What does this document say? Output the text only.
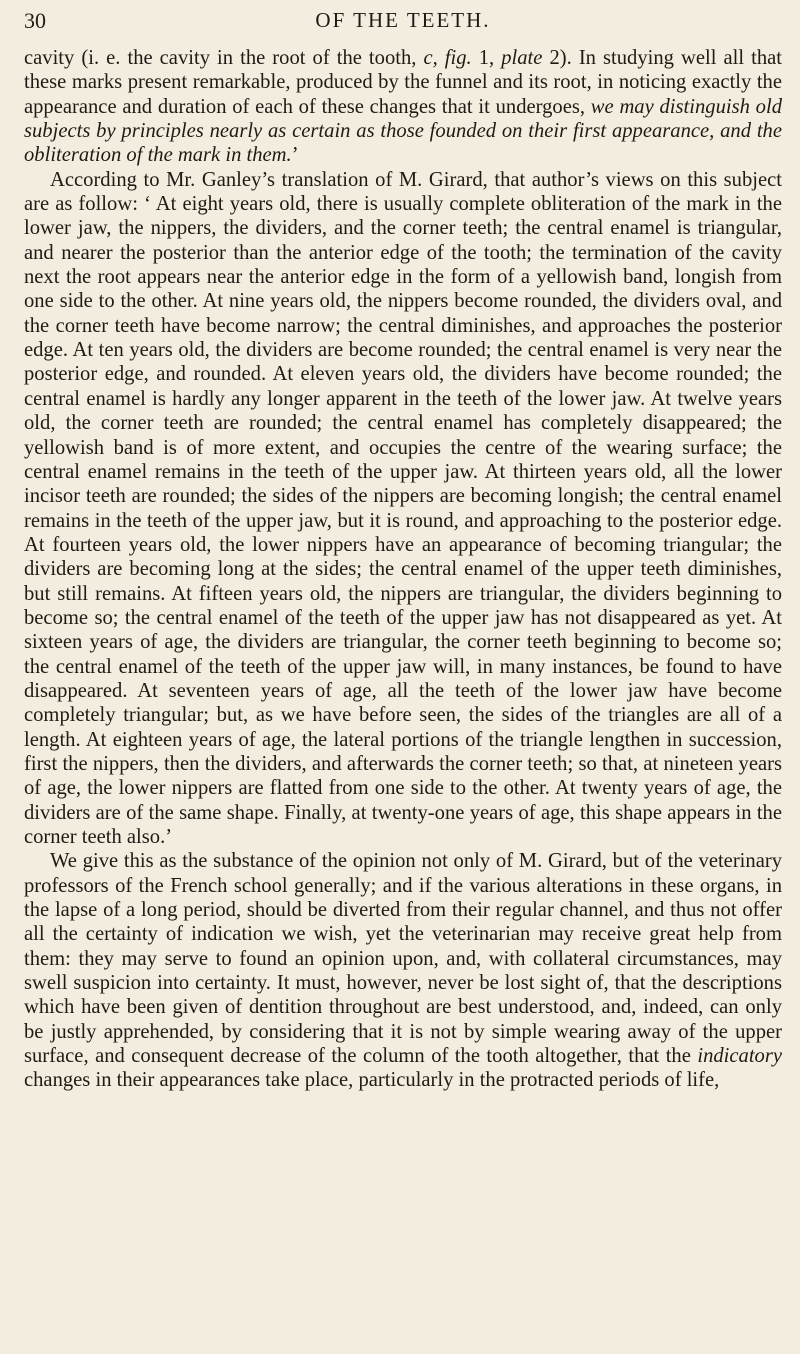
30	OF THE TEETH.

cavity (i. e. the cavity in the root of the tooth, c, fig. 1, plate 2). In studying well all that these marks present remarkable, produced by the funnel and its root, in noticing exactly the appearance and duration of each of these changes that it undergoes, we may distinguish old subjects by principles nearly as certain as those founded on their first appearance, and the obliteration of the mark in them.’

According to Mr. Ganley’s translation of M. Girard, that author’s views on this subject are as follow: ‘ At eight years old, there is usually complete obliteration of the mark in the lower jaw, the nippers, the dividers, and the corner teeth; the central enamel is triangular, and nearer the posterior than the anterior edge of the tooth; the termination of the cavity next the root appears near the anterior edge in the form of a yellowish band, longish from one side to the other. At nine years old, the nippers become rounded, the dividers oval, and the corner teeth have become narrow; the central diminishes, and approaches the posterior edge. At ten years old, the dividers are become rounded; the central enamel is very near the posterior edge, and rounded. At eleven years old, the dividers have become rounded; the central enamel is hardly any longer apparent in the teeth of the lower jaw. At twelve years old, the corner teeth are rounded; the central enamel has completely disappeared; the yellowish band is of more extent, and occupies the centre of the wearing surface; the central enamel remains in the teeth of the upper jaw. At thirteen years old, all the lower incisor teeth are rounded; the sides of the nippers are becoming longish; the central enamel remains in the teeth of the upper jaw, but it is round, and approaching to the posterior edge. At fourteen years old, the lower nippers have an appearance of becoming triangular; the dividers are becoming long at the sides; the central enamel of the upper teeth diminishes, but still remains. At fifteen years old, the nippers are triangular, the dividers beginning to become so; the central enamel of the teeth of the upper jaw has not disappeared as yet. At sixteen years of age, the dividers are triangular, the corner teeth beginning to become so; the central enamel of the teeth of the upper jaw will, in many instances, be found to have disappeared. At seventeen years of age, all the teeth of the lower jaw have become completely triangular; but, as we have before seen, the sides of the triangles are all of a length. At eighteen years of age, the lateral portions of the triangle lengthen in succession, first the nippers, then the dividers, and afterwards the corner teeth; so that, at nineteen years of age, the lower nippers are flatted from one side to the other. At twenty years of age, the dividers are of the same shape. Finally, at twenty-one years of age, this shape appears in the corner teeth also.’

We give this as the substance of the opinion not only of M. Girard, but of the veterinary professors of the French school generally; and if the various alterations in these organs, in the lapse of a long period, should be diverted from their regular channel, and thus not offer all the certainty of indication we wish, yet the veterinarian may receive great help from them: they may serve to found an opinion upon, and, with collateral circumstances, may swell suspicion into certainty. It must, however, never be lost sight of, that the descriptions which have been given of dentition throughout are best understood, and, indeed, can only be justly apprehended, by considering that it is not by simple wearing away of the upper surface, and consequent decrease of the column of the tooth altogether, that the indicatory changes in their appearances take place, particularly in the protracted periods of life,
